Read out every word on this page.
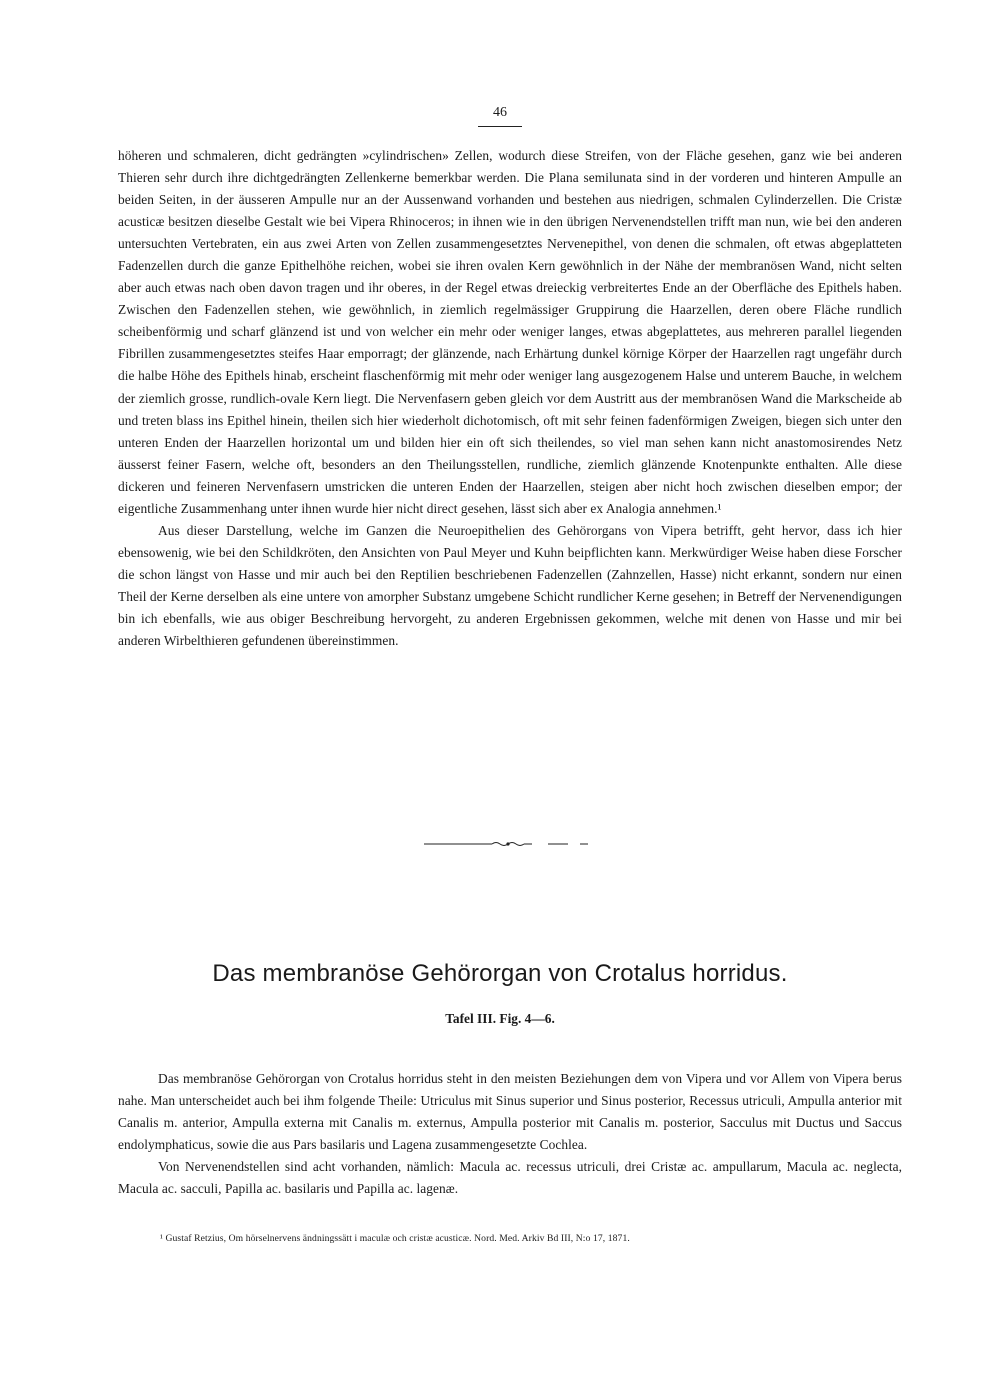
46

höheren und schmaleren, dicht gedrängten »cylindrischen» Zellen, wodurch diese Streifen, von der Fläche gesehen, ganz wie bei anderen Thieren sehr durch ihre dichtgedrängten Zellenkerne bemerkbar werden. Die Plana semilunata sind in der vorderen und hinteren Ampulle an beiden Seiten, in der äusseren Ampulle nur an der Aussenwand vorhanden und bestehen aus niedrigen, schmalen Cylinderzellen. Die Cristæ acusticæ besitzen dieselbe Gestalt wie bei Vipera Rhinoceros; in ihnen wie in den übrigen Nervenendstellen trifft man nun, wie bei den anderen untersuchten Vertebraten, ein aus zwei Arten von Zellen zusammengesetztes Nervenepithel, von denen die schmalen, oft etwas abgeplatteten Fadenzellen durch die ganze Epithelhöhe reichen, wobei sie ihren ovalen Kern gewöhnlich in der Nähe der membranösen Wand, nicht selten aber auch etwas nach oben davon tragen und ihr oberes, in der Regel etwas dreieckig verbreitertes Ende an der Oberfläche des Epithels haben. Zwischen den Fadenzellen stehen, wie gewöhnlich, in ziemlich regelmässiger Gruppirung die Haarzellen, deren obere Fläche rundlich scheibenförmig und scharf glänzend ist und von welcher ein mehr oder weniger langes, etwas abgeplattetes, aus mehreren parallel liegenden Fibrillen zusammengesetztes steifes Haar emporragt; der glänzende, nach Erhärtung dunkel körnige Körper der Haarzellen ragt ungefähr durch die halbe Höhe des Epithels hinab, erscheint flaschenförmig mit mehr oder weniger lang ausgezogenem Halse und unterem Bauche, in welchem der ziemlich grosse, rundlich-ovale Kern liegt. Die Nervenfasern geben gleich vor dem Austritt aus der membranösen Wand die Markscheide ab und treten blass ins Epithel hinein, theilen sich hier wiederholt dichotomisch, oft mit sehr feinen fadenförmigen Zweigen, biegen sich unter den unteren Enden der Haarzellen horizontal um und bilden hier ein oft sich theilendes, so viel man sehen kann nicht anastomosirendes Netz äusserst feiner Fasern, welche oft, besonders an den Theilungsstellen, rundliche, ziemlich glänzende Knotenpunkte enthalten. Alle diese dickeren und feineren Nervenfasern umstricken die unteren Enden der Haarzellen, steigen aber nicht hoch zwischen dieselben empor; der eigentliche Zusammenhang unter ihnen wurde hier nicht direct gesehen, lässt sich aber ex Analogia annehmen.¹

Aus dieser Darstellung, welche im Ganzen die Neuroepithelien des Gehörorgans von Vipera betrifft, geht hervor, dass ich hier ebensowenig, wie bei den Schildkröten, den Ansichten von Paul Meyer und Kuhn beipflichten kann. Merkwürdiger Weise haben diese Forscher die schon längst von Hasse und mir auch bei den Reptilien beschriebenen Fadenzellen (Zahnzellen, Hasse) nicht erkannt, sondern nur einen Theil der Kerne derselben als eine untere von amorpher Substanz umgebene Schicht rundlicher Kerne gesehen; in Betreff der Nervenendigungen bin ich ebenfalls, wie aus obiger Beschreibung hervorgeht, zu anderen Ergebnissen gekommen, welche mit denen von Hasse und mir bei anderen Wirbelthieren gefundenen übereinstimmen.

Das membranöse Gehörorgan von Crotalus horridus.
Tafel III. Fig. 4—6.

Das membranöse Gehörorgan von Crotalus horridus steht in den meisten Beziehungen dem von Vipera und vor Allem von Vipera berus nahe. Man unterscheidet auch bei ihm folgende Theile: Utriculus mit Sinus superior und Sinus posterior, Recessus utriculi, Ampulla anterior mit Canalis m. anterior, Ampulla externa mit Canalis m. externus, Ampulla posterior mit Canalis m. posterior, Sacculus mit Ductus und Saccus endolymphaticus, sowie die aus Pars basilaris und Lagena zusammengesetzte Cochlea.

Von Nervenendstellen sind acht vorhanden, nämlich: Macula ac. recessus utriculi, drei Cristæ ac. ampullarum, Macula ac. neglecta, Macula ac. sacculi, Papilla ac. basilaris und Papilla ac. lagenæ.

¹ Gustaf Retzius, Om hörselnervens ändningssätt i maculæ och cristæ acusticæ. Nord. Med. Arkiv Bd III, N:o 17, 1871.
